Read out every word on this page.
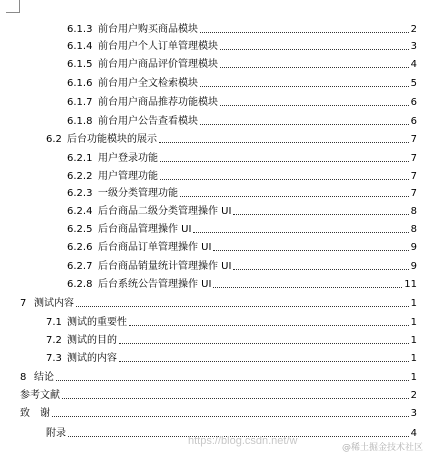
6.1.3 前台用户购买商品模块	2
6.1.4 前台用户个人订单管理模块	3
6.1.5 前台用户商品评价管理模块	4
6.1.6 前台用户全文检索模块	5
6.1.7 前台用户商品推荐功能模块	6
6.1.8 前台用户公告查看模块	6
6.2 后台功能模块的展示	7
6.2.1 用户登录功能	7
6.2.2 用户管理功能	7
6.2.3 一级分类管理功能	7
6.2.4 后台商品二级分类管理操作 UI	8
6.2.5 后台商品管理操作 UI	8
6.2.6 后台商品订单管理操作 UI	9
6.2.7 后台商品销量统计管理操作 UI	9
6.2.8 后台系统公告管理操作 UI	11
7 测试内容	1
7.1 测试的重要性	1
7.2 测试的目的	1
7.3 测试的内容	1
8 结论	1
参考文献	2
致　谢	3
附录	4
https://blog.csdn.net/w
@稀土掘金技术社区
